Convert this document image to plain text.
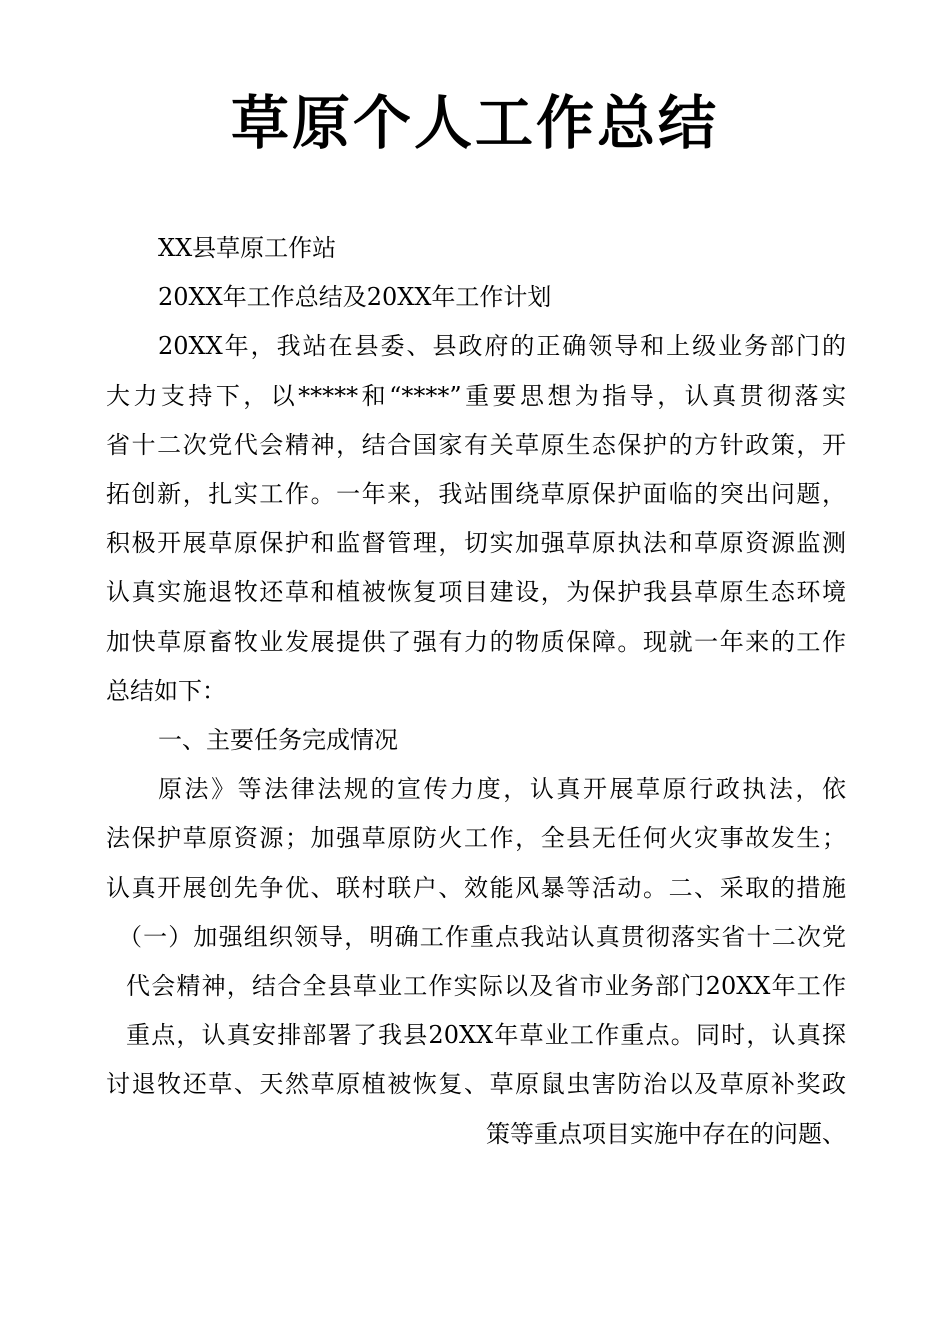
草原个人工作总结
XX县草原工作站
20XX年工作总结及20XX年工作计划
20XX年，我站在县委、县政府的正确领导和上级业务部门的
大力支持下，以*****和“****”重要思想为指导，认真贯彻落实
省十二次党代会精神，结合国家有关草原生态保护的方针政策，开
拓创新，扎实工作。一年来，我站围绕草原保护面临的突出问题，
积极开展草原保护和监督管理，切实加强草原执法和草原资源监测
认真实施退牧还草和植被恢复项目建设，为保护我县草原生态环境
加快草原畜牧业发展提供了强有力的物质保障。现就一年来的工作
总结如下：
一、主要任务完成情况
原法》等法律法规的宣传力度，认真开展草原行政执法，依
法保护草原资源；加强草原防火工作，全县无任何火灾事故发生；
认真开展创先争优、联村联户、效能风暴等活动。二、采取的措施
（一）加强组织领导，明确工作重点我站认真贯彻落实省十二次党
代会精神，结合全县草业工作实际以及省市业务部门20XX年工作
重点，认真安排部署了我县20XX年草业工作重点。同时，认真探
讨退牧还草、天然草原植被恢复、草原鼠虫害防治以及草原补奖政
策等重点项目实施中存在的问题、
